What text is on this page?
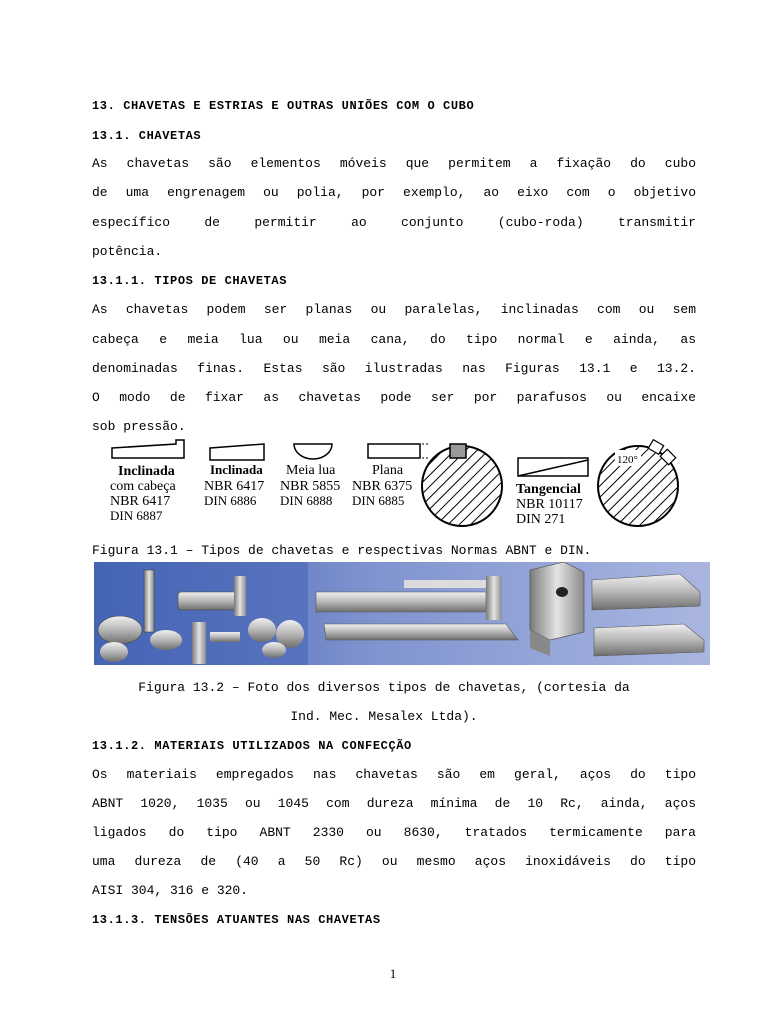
13. CHAVETAS E ESTRIAS E OUTRAS UNIÕES COM O CUBO
13.1. CHAVETAS
As chavetas são elementos móveis que permitem a fixação do cubo
de uma engrenagem ou polia, por exemplo, ao eixo com o objetivo
específico de permitir ao conjunto (cubo-roda) transmitir
potência.
13.1.1. TIPOS DE CHAVETAS
As chavetas podem ser planas ou paralelas, inclinadas com ou sem
cabeça e meia lua ou meia cana, do tipo normal e ainda, as
denominadas finas. Estas são ilustradas nas Figuras 13.1 e 13.2.
O modo de fixar as chavetas pode ser por parafusos ou encaixe
sob pressão.
120°
Inclinada
com cabeça
NBR 6417
DIN 6887
Inclinada
NBR 6417
DIN 6886
Meia lua
NBR 5855
DIN 6888
Plana
NBR 6375
DIN 6885
Tangencial
NBR 10117
DIN 271
Figura 13.1 – Tipos de chavetas e respectivas Normas ABNT e DIN.
Figura 13.2 – Foto dos diversos tipos de chavetas, (cortesia da
Ind. Mec. Mesalex Ltda).
13.1.2. MATERIAIS UTILIZADOS NA CONFECÇÃO
Os materiais empregados nas chavetas são em geral, aços do tipo
ABNT 1020, 1035 ou 1045 com dureza mínima de 10 Rc, ainda, aços
ligados do tipo ABNT 2330 ou 8630, tratados termicamente para
uma dureza de (40 a 50 Rc) ou mesmo aços inoxidáveis do tipo
AISI 304, 316 e 320.
13.1.3. TENSÕES ATUANTES NAS CHAVETAS
1
